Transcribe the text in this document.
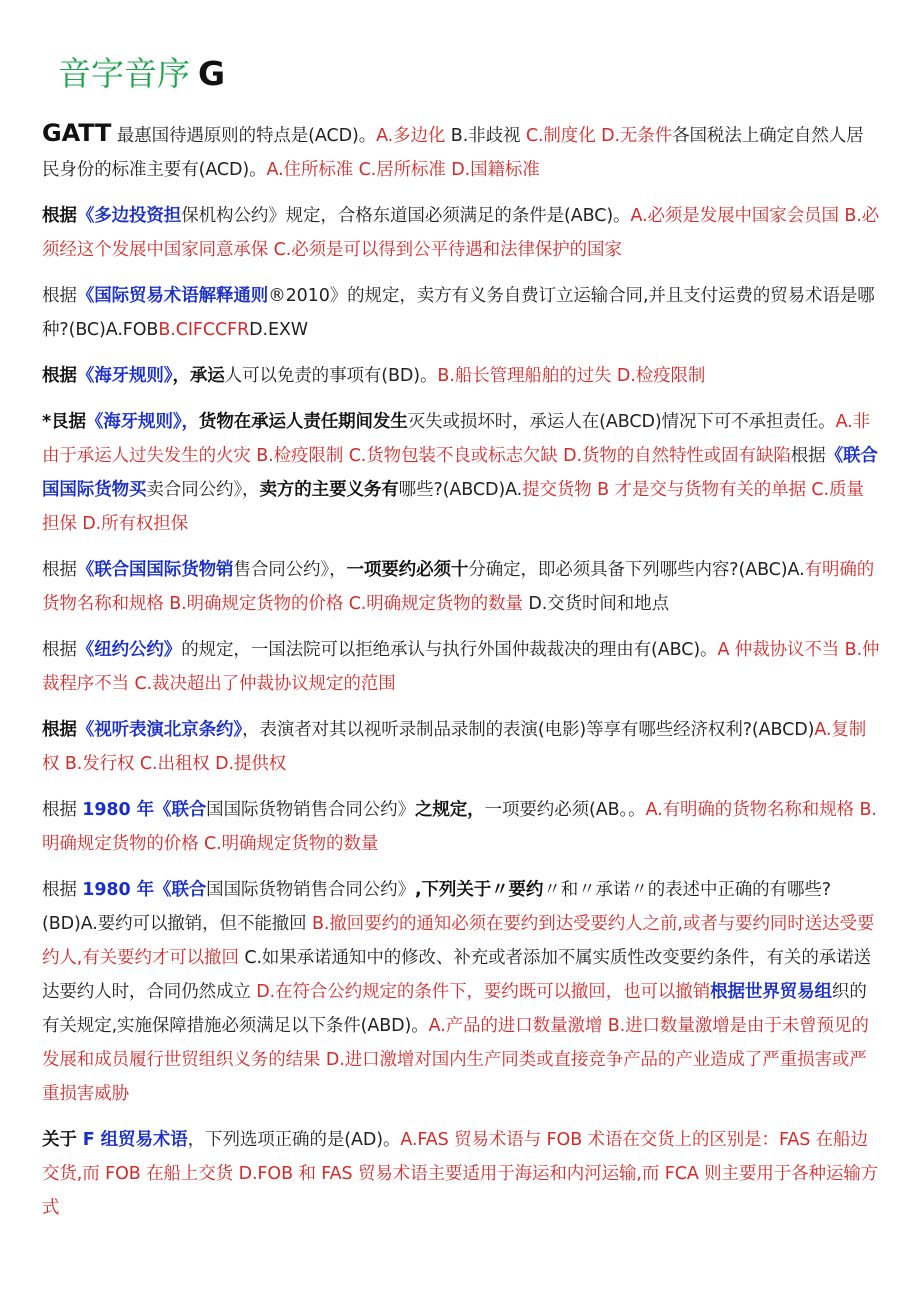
音字音序 G

GATT 最惠国待遇原则的特点是(ACD)。A.多边化 B.非歧视 C.制度化 D.无条件各国税法上确定自然人居民身份的标准主要有(ACD)。A.住所标准 C.居所标准 D.国籍标准

根据《多边投资担保机构公约》规定，合格东道国必须满足的条件是(ABC)。A.必须是发展中国家会员国 B.必须经这个发展中国家同意承保 C.必须是可以得到公平待遇和法律保护的国家

根据《国际贸易术语解释通则®2010》的规定，卖方有义务自费订立运输合同,并且支付运费的贸易术语是哪种?(BC)A.FOBB.CIFCCFRD.EXW

根据《海牙规则》，承运人可以免责的事项有(BD)。B.船长管理船舶的过失 D.检疫限制

*艮据《海牙规则》，货物在承运人责任期间发生灭失或损坏时，承运人在(ABCD)情况下可不承担责任。A.非由于承运人过失发生的火灾 B.检疫限制 C.货物包装不良或标志欠缺 D.货物的自然特性或固有缺陷根据《联合国国际货物买卖合同公约》，卖方的主要义务有哪些?(ABCD)A.提交货物 B 才是交与货物有关的单据 C.质量担保 D.所有权担保

根据《联合国国际货物销售合同公约》，一项要约必须十分确定，即必须具备下列哪些内容?(ABC)A.有明确的货物名称和规格 B.明确规定货物的价格 C.明确规定货物的数量 D.交货时间和地点

根据《纽约公约》的规定，一国法院可以拒绝承认与执行外国仲裁裁决的理由有(ABC)。A 仲裁协议不当 B.仲裁程序不当 C.裁决超出了仲裁协议规定的范围

根据《视听表演北京条约》，表演者对其以视听录制品录制的表演(电影)等享有哪些经济权利?(ABCD)A.复制权 B.发行权 C.出租权 D.提供权

根据 1980 年《联合国国际货物销售合同公约》之规定，一项要约必须(AB。。A.有明确的货物名称和规格 B.明确规定货物的价格 C.明确规定货物的数量

根据 1980 年《联合国国际货物销售合同公约》,下列关于〃要约〃和〃承诺〃的表述中正确的有哪些?(BD)A.要约可以撤销，但不能撤回 B.撤回要约的通知必须在要约到达受要约人之前,或者与要约同时送达受要约人,有关要约才可以撤回 C.如果承诺通知中的修改、补充或者添加不属实质性改变要约条件，有关的承诺送达要约人时，合同仍然成立 D.在符合公约规定的条件下，要约既可以撤回，也可以撤销根据世界贸易组织的有关规定,实施保障措施必须满足以下条件(ABD)。A.产品的进口数量激增 B.进口数量激增是由于未曾预见的发展和成员履行世贸组织义务的结果 D.进口激增对国内生产同类或直接竞争产品的产业造成了严重损害或严重损害威胁

关于 F 组贸易术语，下列选项正确的是(AD)。A.FAS 贸易术语与 FOB 术语在交货上的区别是：FAS 在船边交货,而 FOB 在船上交货 D.FOB 和 FAS 贸易术语主要适用于海运和内河运输,而 FCA 则主要用于各种运输方式
